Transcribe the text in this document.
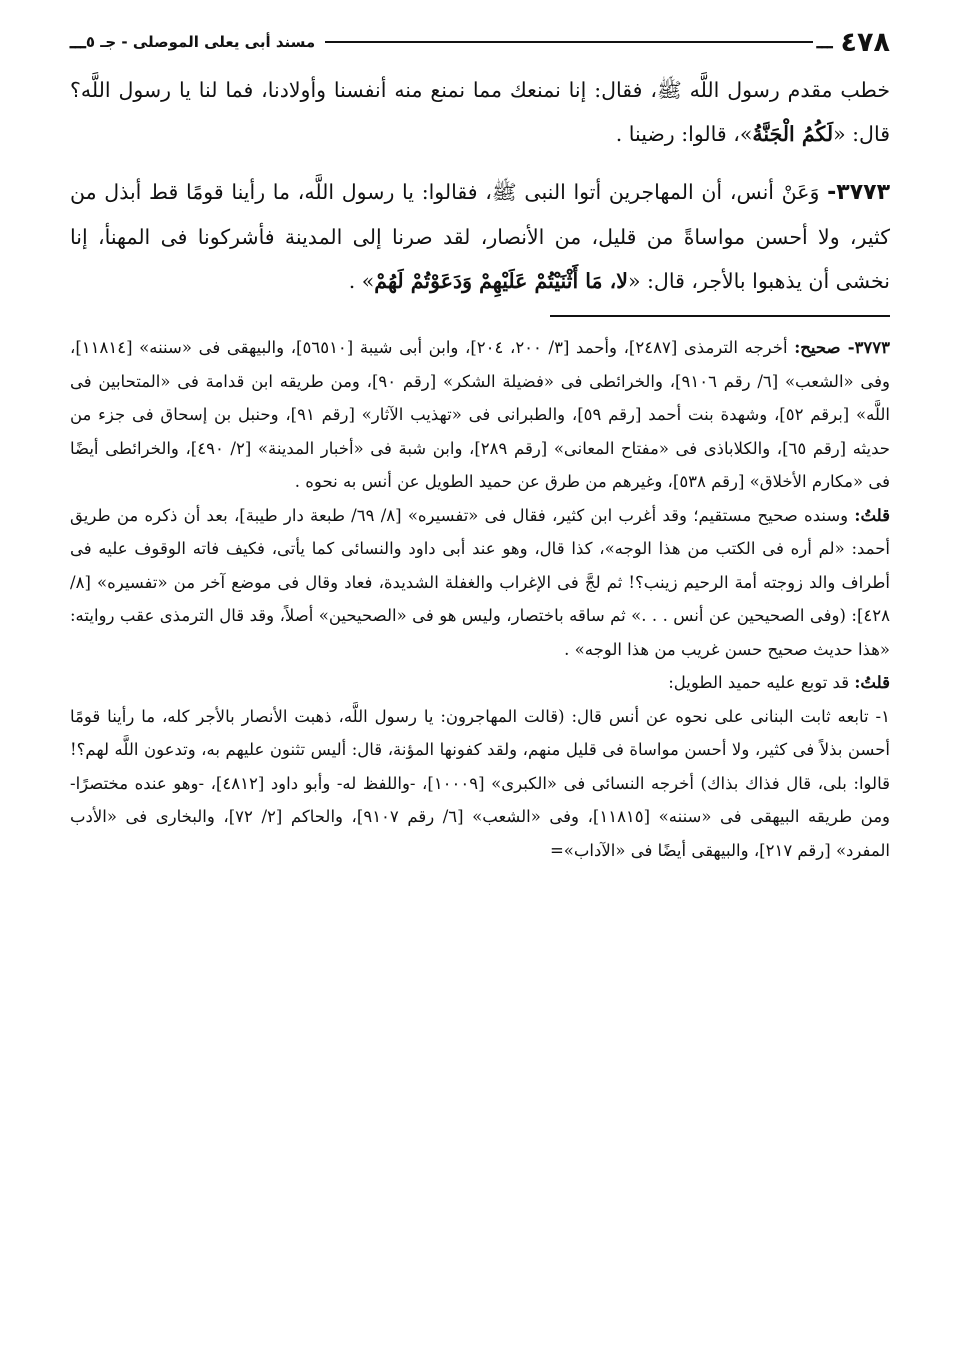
٤٧٨
ـــ
مسند أبى يعلى الموصلى - جـ ٥
ـــ

خطب مقدم رسول اللَّه ﷺ، فقال: إنا نمنعك مما نمنع منه أنفسنا وأولادنا، فما لنا يا رسول اللَّه؟ قال: «لَكُمُ الْجَنَّةُ»، قالوا: رضينا .

٣٧٧٣- وَعَنْ أنس، أن المهاجرين أتوا النبى ﷺ، فقالوا: يا رسول اللَّه، ما رأينا قومًا قط أبذل من كثير، ولا أحسن مواساةً من قليل، من الأنصار، لقد صرنا إلى المدينة فأشركونا فى المهنأ، إنا نخشى أن يذهبوا بالأجر، قال: «لا، مَا أَثْنَيْتُمْ عَلَيْهِمْ وَدَعَوْتُمْ لَهُمْ» .

٣٧٧٣- صحيح: أخرجه الترمذى [٢٤٨٧]، وأحمد [٣/ ٢٠٠، ٢٠٤]، وابن أبى شيبة [٥٦٥١٠]، والبيهقى فى «سننه» [١١٨١٤]، وفى «الشعب» [٦/ رقم ٩١٠٦]، والخرائطى فى «فضيلة الشكر» [رقم ٩٠]، ومن طريقه ابن قدامة فى «المتحابين فى اللَّه» [برقم ٥٢]، وشهدة بنت أحمد [رقم ٥٩]، والطبرانى فى «تهذيب الآثار» [رقم ٩١]، وحنبل بن إسحاق فى جزء من حديثه [رقم ٦٥]، والكلاباذى فى «مفتاح المعانى» [رقم ٢٨٩]، وابن شبة فى «أخبار المدينة» [٢/ ٤٩٠]، والخرائطى أيضًا فى «مكارم الأخلاق» [رقم ٥٣٨]، وغيرهم من طرق عن حميد الطويل عن أنس به نحوه .

قلتُ: وسنده صحيح مستقيم؛ وقد أغرب ابن كثير، فقال فى «تفسيره» [٨/ ٦٩/ طبعة دار طيبة]، بعد أن ذكره من طريق أحمد: «لم أره فى الكتب من هذا الوجه»، كذا قال، وهو عند أبى داود والنسائى كما يأتى، فكيف فاته الوقوف عليه فى أطراف والد زوجته أمة الرحيم زينب؟! ثم لجَّ فى الإغراب والغفلة الشديدة، فعاد وقال فى موضع آخر من «تفسيره» [٨/ ٤٢٨]: (وفى الصحيحين عن أنس . . .» ثم ساقه باختصار، وليس هو فى «الصحيحين» أصلاً، وقد قال الترمذى عقب روايته: «هذا حديث صحيح حسن غريب من هذا الوجه» .

قلتُ: قد توبع عليه حميد الطويل:

١- تابعه ثابت البنانى على نحوه عن أنس قال: (قالت المهاجرون: يا رسول اللَّه، ذهبت الأنصار بالأجر كله، ما رأينا قومًا أحسن بذلاً فى كثير، ولا أحسن مواساة فى قليل منهم، ولقد كفونها المؤنة، قال: أليس تثنون عليهم به، وتدعون اللَّه لهم؟! قالوا: بلى، قال فذاك بذاك) أخرجه النسائى فى «الكبرى» [١٠٠٠٩]، -واللفظ له- وأبو داود [٤٨١٢]، -وهو عنده مختصرًا- ومن طريقه البيهقى فى «سننه» [١١٨١٥]، وفى «الشعب» [٦/ رقم ٩١٠٧]، والحاكم [٢/ ٧٢]، والبخارى فى «الأدب المفرد» [رقم ٢١٧]، والبيهقى أيضًا فى «الآداب»=
